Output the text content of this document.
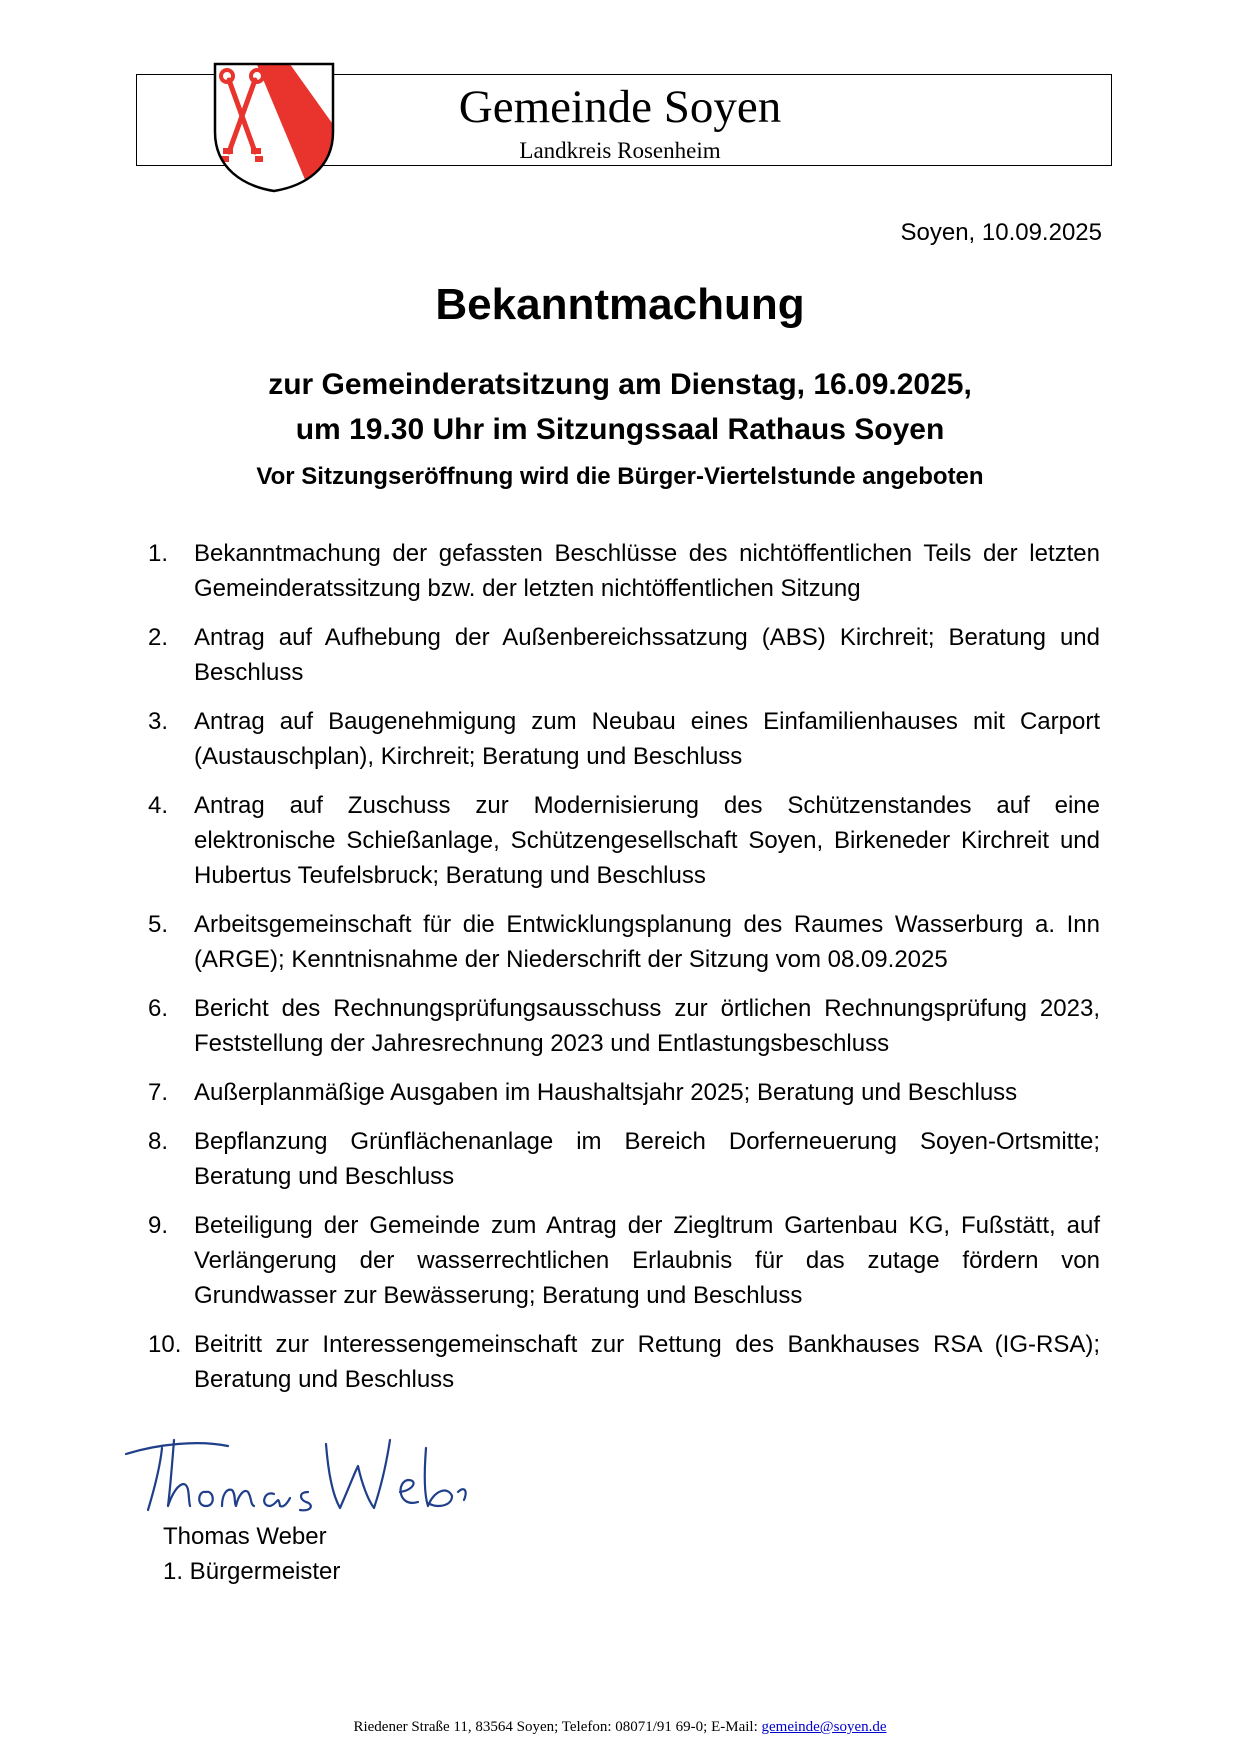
Gemeinde Soyen
Landkreis Rosenheim
Soyen, 10.09.2025
Bekanntmachung
zur Gemeinderatsitzung am Dienstag, 16.09.2025,
um 19.30 Uhr im Sitzungssaal Rathaus Soyen
Vor Sitzungseröffnung wird die Bürger-Viertelstunde angeboten
1. Bekanntmachung der gefassten Beschlüsse des nichtöffentlichen Teils der letzten Gemeinderatssitzung bzw. der letzten nichtöffentlichen Sitzung
2. Antrag auf Aufhebung der Außenbereichssatzung (ABS) Kirchreit; Beratung und Beschluss
3. Antrag auf Baugenehmigung zum Neubau eines Einfamilienhauses mit Carport (Austauschplan), Kirchreit; Beratung und Beschluss
4. Antrag auf Zuschuss zur Modernisierung des Schützenstandes auf eine elektronische Schießanlage, Schützengesellschaft Soyen, Birkeneder Kirchreit und Hubertus Teufelsbruck; Beratung und Beschluss
5. Arbeitsgemeinschaft für die Entwicklungsplanung des Raumes Wasserburg a. Inn (ARGE); Kenntnisnahme der Niederschrift der Sitzung vom 08.09.2025
6. Bericht des Rechnungsprüfungsausschuss zur örtlichen Rechnungsprüfung 2023, Feststellung der Jahresrechnung 2023 und Entlastungsbeschluss
7. Außerplanmäßige Ausgaben im Haushaltsjahr 2025; Beratung und Beschluss
8. Bepflanzung Grünflächenanlage im Bereich Dorferneuerung Soyen-Ortsmitte; Beratung und Beschluss
9. Beteiligung der Gemeinde zum Antrag der Ziegltrum Gartenbau KG, Fußstätt, auf Verlängerung der wasserrechtlichen Erlaubnis für das zutage fördern von Grundwasser zur Bewässerung; Beratung und Beschluss
10. Beitritt zur Interessengemeinschaft zur Rettung des Bankhauses RSA (IG-RSA); Beratung und Beschluss
Thomas Weber
1. Bürgermeister
Riedener Straße 11, 83564 Soyen; Telefon: 08071/91 69-0; E-Mail: gemeinde@soyen.de
